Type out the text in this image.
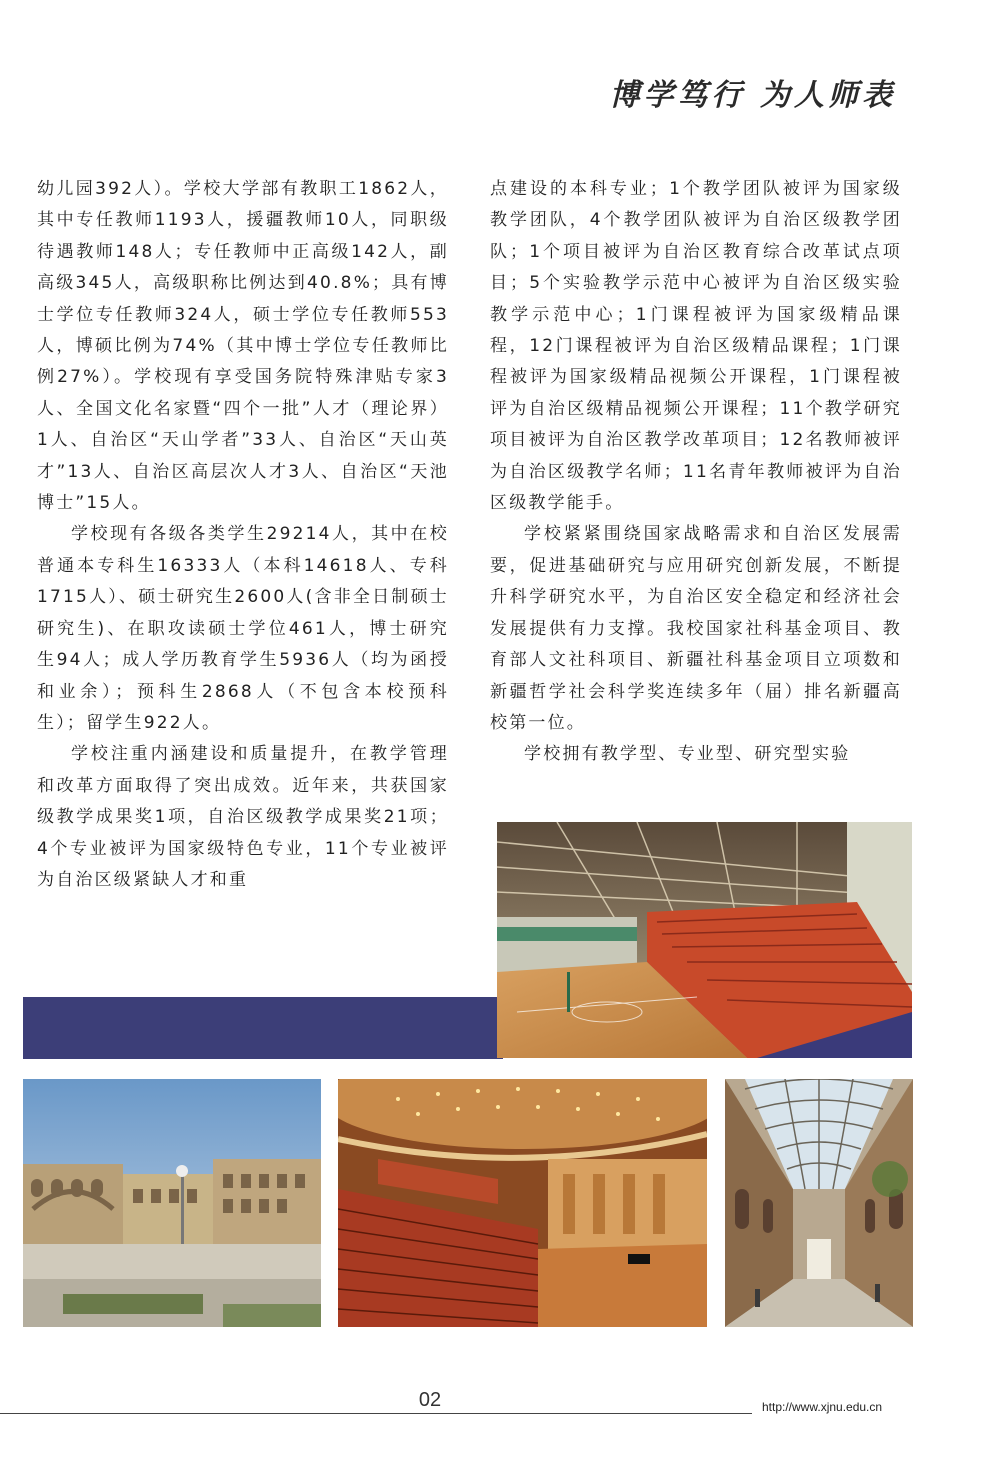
博学笃行 为人师表

幼儿园392人）。学校大学部有教职工1862人，其中专任教师1193人，援疆教师10人，同职级待遇教师148人；专任教师中正高级142人，副高级345人，高级职称比例达到40.8%；具有博士学位专任教师324人，硕士学位专任教师553人，博硕比例为74%（其中博士学位专任教师比例27%）。学校现有享受国务院特殊津贴专家3人、全国文化名家暨“四个一批”人才（理论界）1人、自治区“天山学者”33人、自治区“天山英才”13人、自治区高层次人才3人、自治区“天池博士”15人。

学校现有各级各类学生29214人，其中在校普通本专科生16333人（本科14618人、专科1715人）、硕士研究生2600人(含非全日制硕士研究生)、在职攻读硕士学位461人，博士研究生94人；成人学历教育学生5936人（均为函授和业余）；预科生2868人（不包含本校预科生）；留学生922人。

学校注重内涵建设和质量提升，在教学管理和改革方面取得了突出成效。近年来，共获国家级教学成果奖1项，自治区级教学成果奖21项；4个专业被评为国家级特色专业，11个专业被评为自治区级紧缺人才和重

点建设的本科专业；1个教学团队被评为国家级教学团队，4个教学团队被评为自治区级教学团队；1个项目被评为自治区教育综合改革试点项目；5个实验教学示范中心被评为自治区级实验教学示范中心；1门课程被评为国家级精品课程，12门课程被评为自治区级精品课程；1门课程被评为国家级精品视频公开课程，1门课程被评为自治区级精品视频公开课程；11个教学研究项目被评为自治区教学改革项目；12名教师被评为自治区级教学名师；11名青年教师被评为自治区级教学能手。

学校紧紧围绕国家战略需求和自治区发展需要，促进基础研究与应用研究创新发展，不断提升科学研究水平，为自治区安全稳定和经济社会发展提供有力支撑。我校国家社科基金项目、教育部人文社科项目、新疆社科基金项目立项数和新疆哲学社会科学奖连续多年（届）排名新疆高校第一位。

学校拥有教学型、专业型、研究型实验

02	http://www.xjnu.edu.cn
